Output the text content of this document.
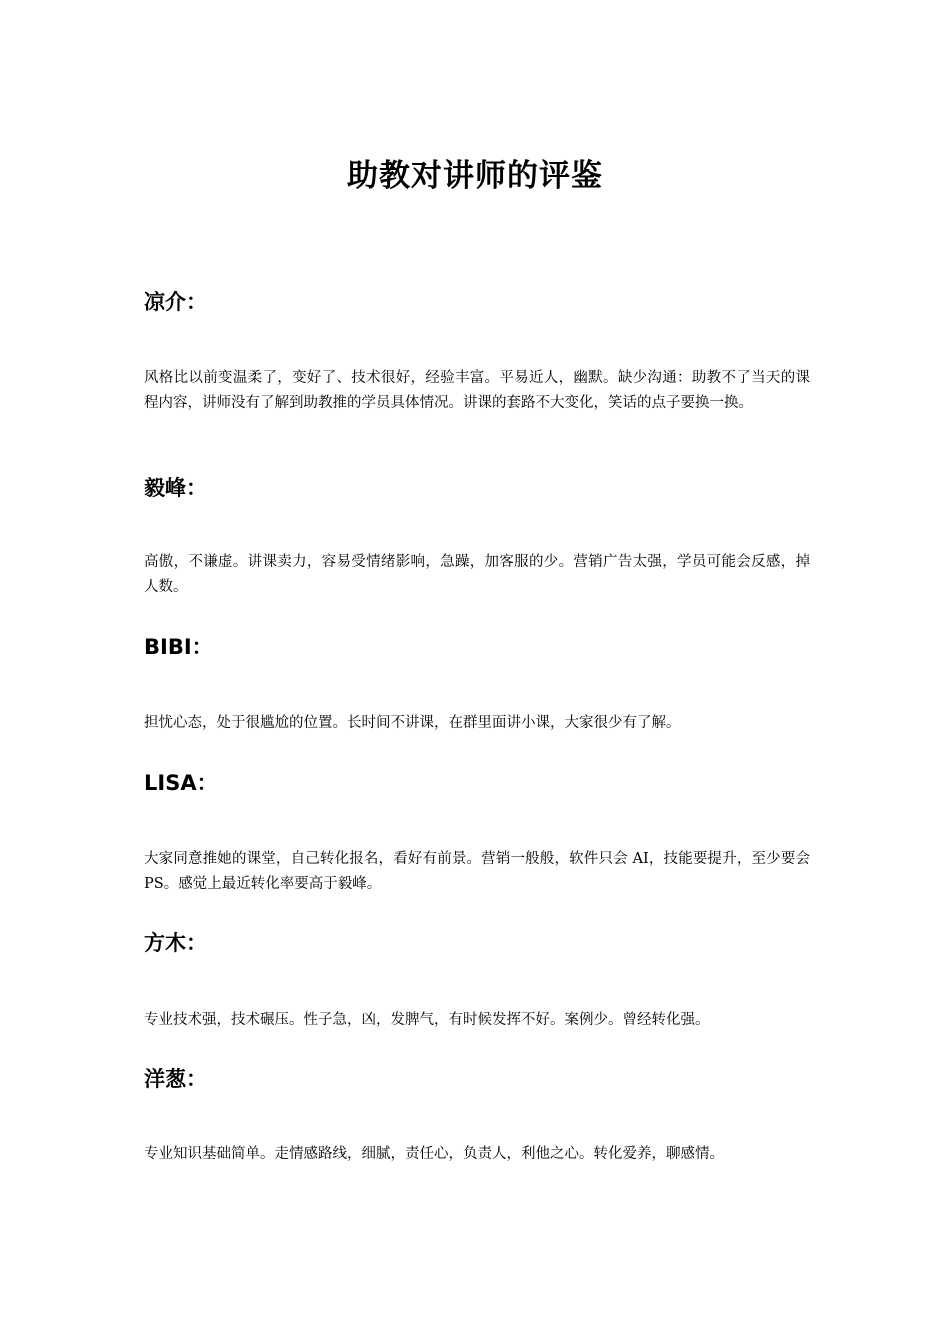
助教对讲师的评鉴
凉介：
风格比以前变温柔了，变好了、技术很好，经验丰富。平易近人，幽默。缺少沟通：助教不了当天的课程内容，讲师没有了解到助教推的学员具体情况。讲课的套路不大变化，笑话的点子要换一换。
毅峰：
高傲，不谦虚。讲课卖力，容易受情绪影响，急躁，加客服的少。营销广告太强，学员可能会反感，掉人数。
BIBI：
担忧心态，处于很尴尬的位置。长时间不讲课，在群里面讲小课，大家很少有了解。
LISA：
大家同意推她的课堂，自己转化报名，看好有前景。营销一般般，软件只会 AI，技能要提升，至少要会 PS。感觉上最近转化率要高于毅峰。
方木：
专业技术强，技术碾压。性子急，凶，发脾气，有时候发挥不好。案例少。曾经转化强。
洋葱：
专业知识基础简单。走情感路线，细腻，责任心，负责人，利他之心。转化爱养，聊感情。
